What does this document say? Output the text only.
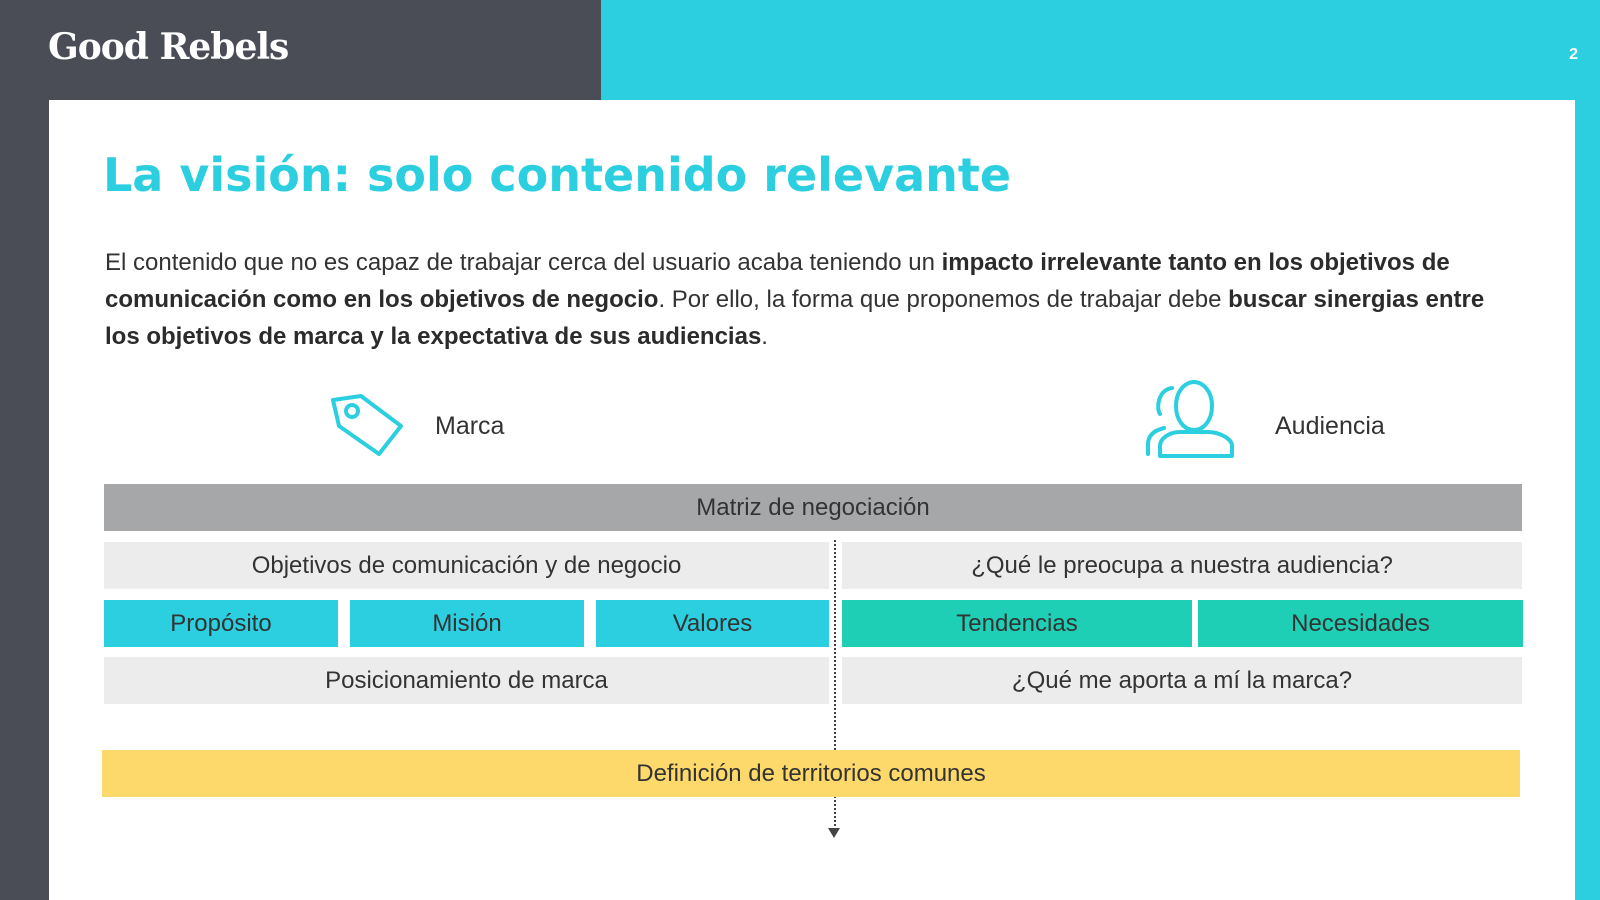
Good Rebels	2
La visión: solo contenido relevante

El contenido que no es capaz de trabajar cerca del usuario acaba teniendo un impacto irrelevante tanto en los objetivos de comunicación como en los objetivos de negocio. Por ello, la forma que proponemos de trabajar debe buscar sinergias entre los objetivos de marca y la expectativa de sus audiencias.

Marca	Audiencia
Matriz de negociación
Objetivos de comunicación y de negocio	¿Qué le preocupa a nuestra audiencia?
Propósito	Misión	Valores	Tendencias	Necesidades
Posicionamiento de marca	¿Qué me aporta a mí la marca?
Definición de territorios comunes
